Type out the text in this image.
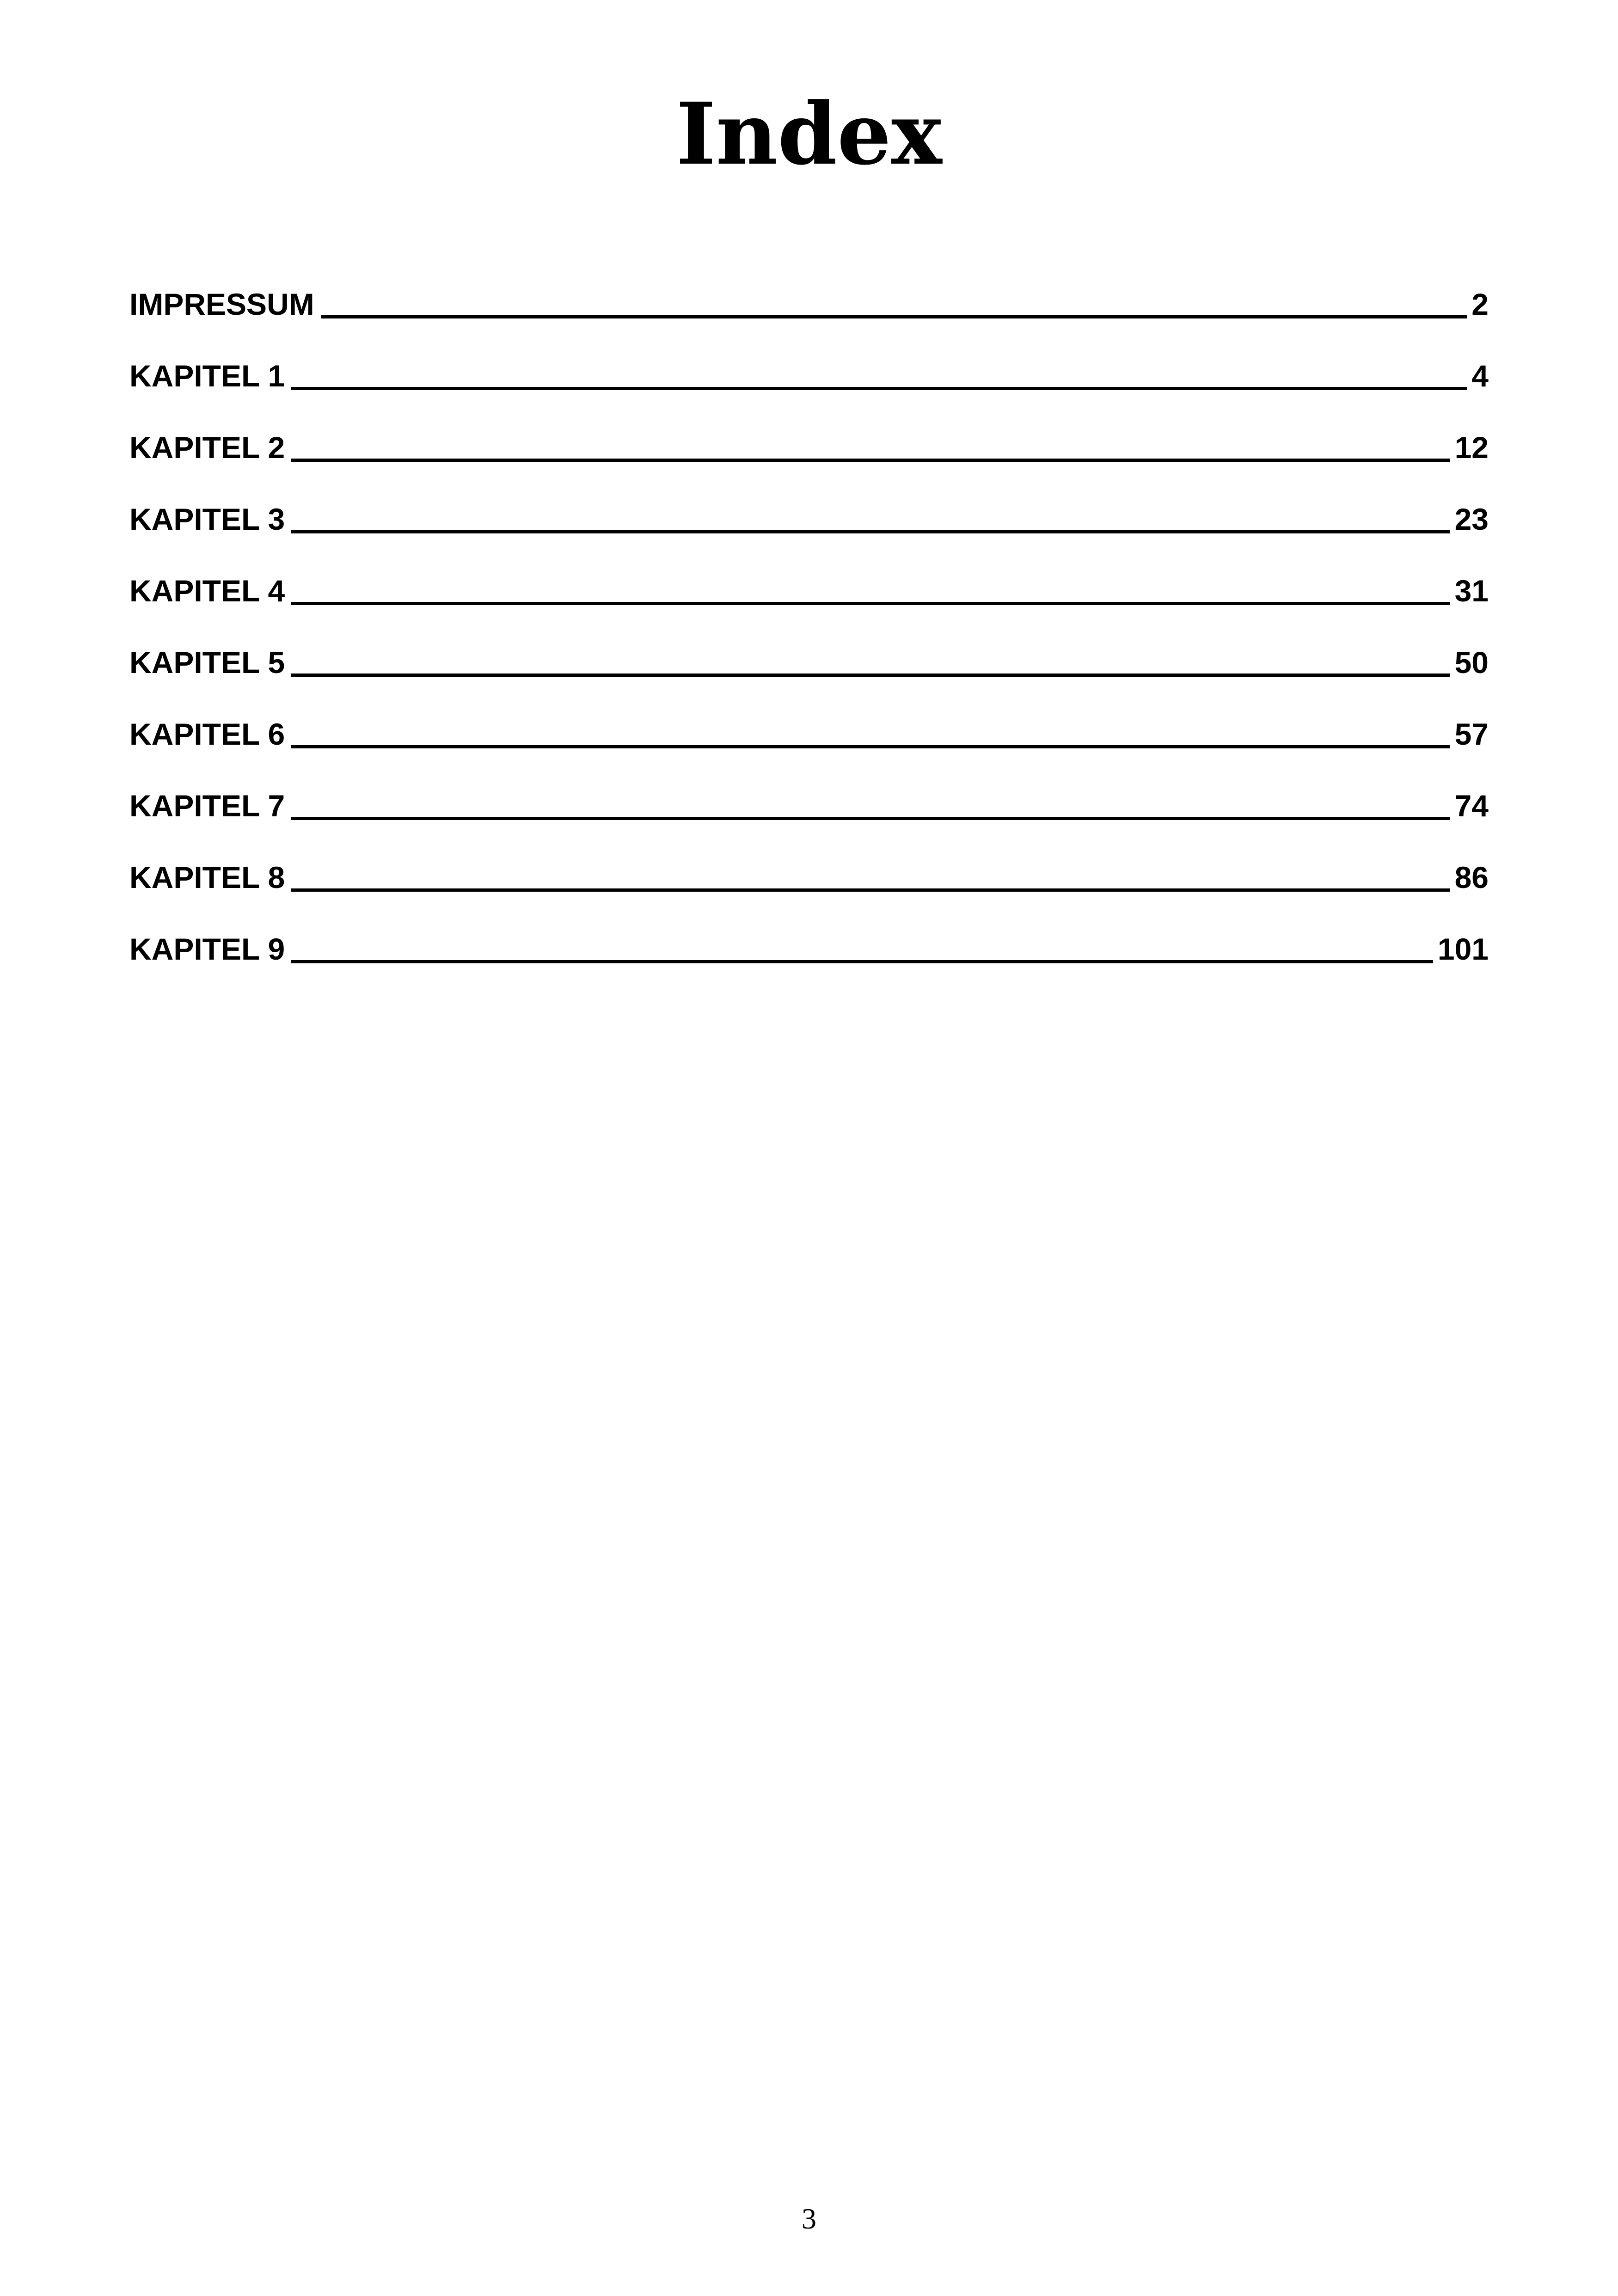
Index
IMPRESSUM	2
KAPITEL 1	4
KAPITEL 2	12
KAPITEL 3	23
KAPITEL 4	31
KAPITEL 5	50
KAPITEL 6	57
KAPITEL 7	74
KAPITEL 8	86
KAPITEL 9	101
3
